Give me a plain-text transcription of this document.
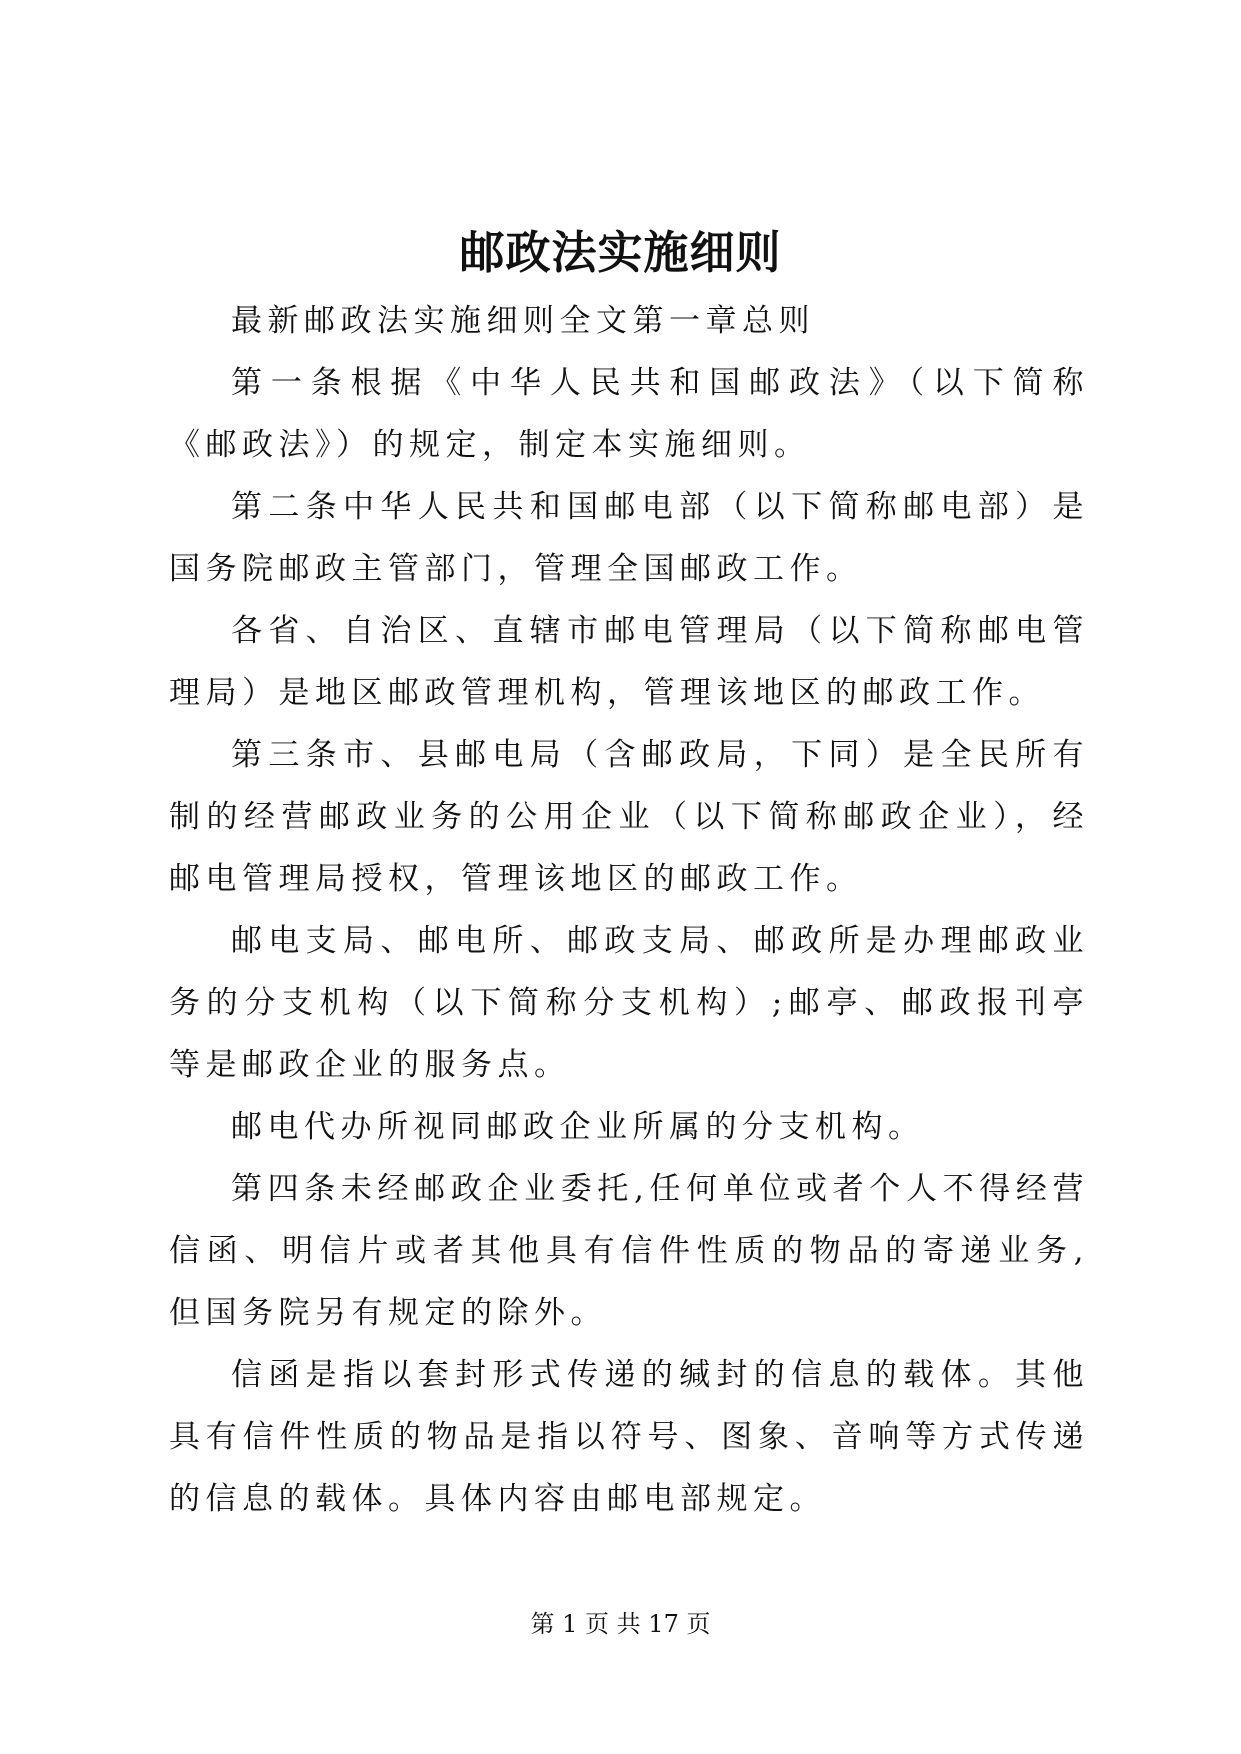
邮政法实施细则

最新邮政法实施细则全文第一章总则

第一条根据《中华人民共和国邮政法》（以下简称《邮政法》）的规定，制定本实施细则。

第二条中华人民共和国邮电部（以下简称邮电部）是国务院邮政主管部门，管理全国邮政工作。

各省、自治区、直辖市邮电管理局（以下简称邮电管理局）是地区邮政管理机构，管理该地区的邮政工作。

第三条市、县邮电局（含邮政局，下同）是全民所有制的经营邮政业务的公用企业（以下简称邮政企业），经邮电管理局授权，管理该地区的邮政工作。

邮电支局、邮电所、邮政支局、邮政所是办理邮政业务的分支机构（以下简称分支机构）;邮亭、邮政报刊亭等是邮政企业的服务点。

邮电代办所视同邮政企业所属的分支机构。

第四条未经邮政企业委托,任何单位或者个人不得经营信函、明信片或者其他具有信件性质的物品的寄递业务,但国务院另有规定的除外。

信函是指以套封形式传递的缄封的信息的载体。其他具有信件性质的物品是指以符号、图象、音响等方式传递的信息的载体。具体内容由邮电部规定。

第 1 页 共 17 页
